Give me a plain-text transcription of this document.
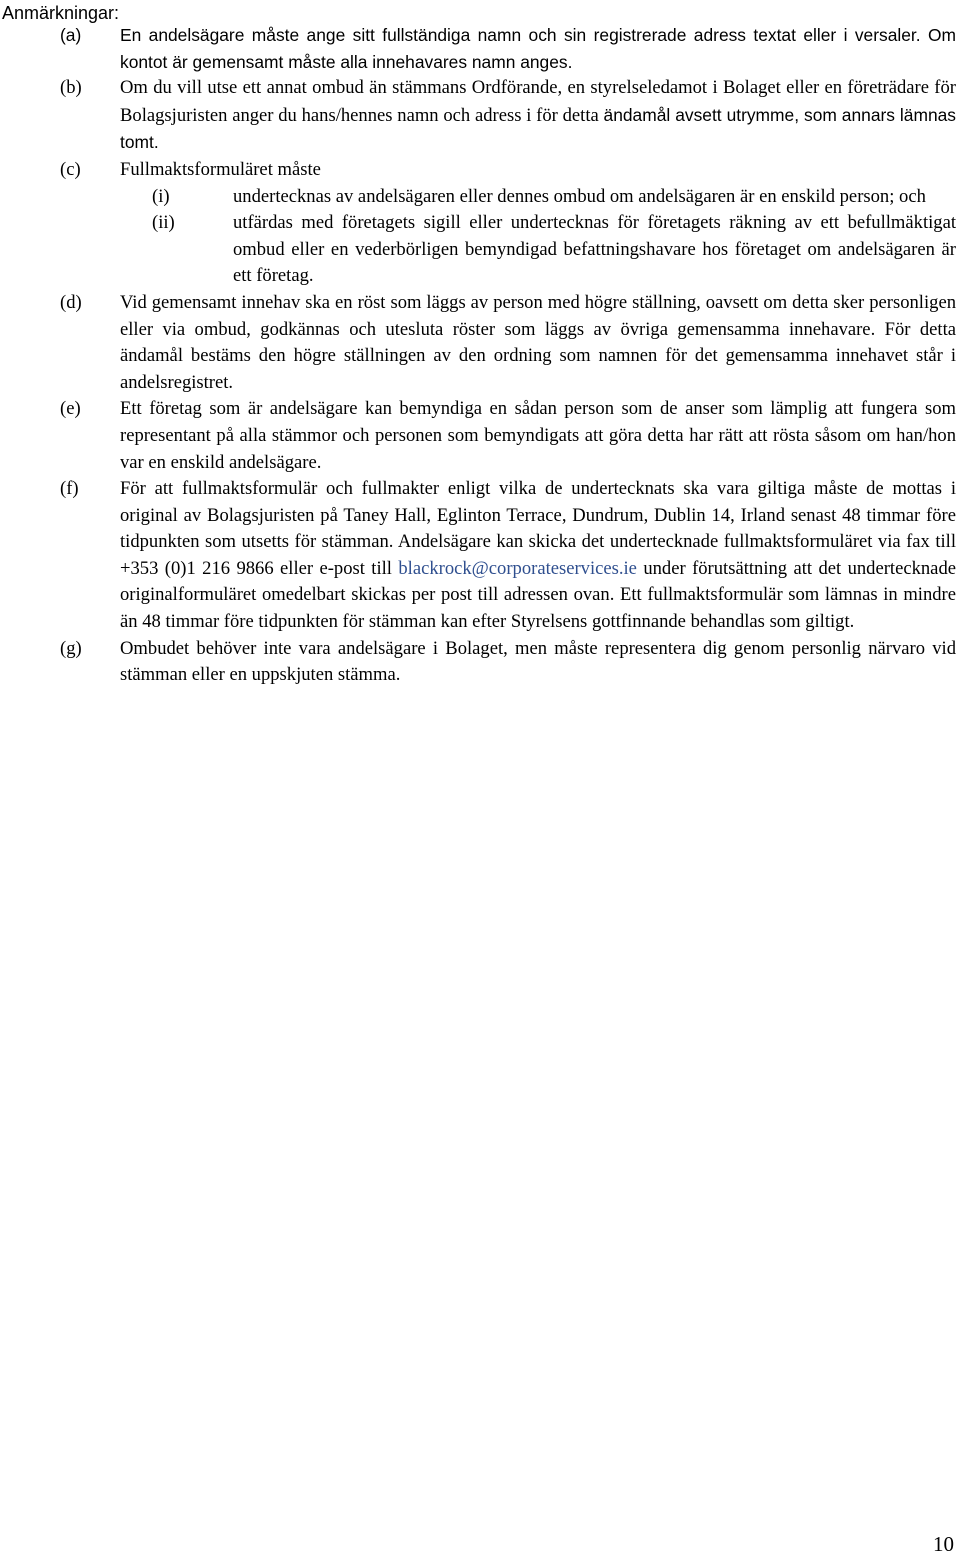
Anmärkningar:
(a) En andelsägare måste ange sitt fullständiga namn och sin registrerade adress textat eller i versaler. Om kontot är gemensamt måste alla innehavares namn anges.
(b) Om du vill utse ett annat ombud än stämmans Ordförande, en styrelseledamot i Bolaget eller en företrädare för Bolagsjuristen anger du hans/hennes namn och adress i för detta ändamål avsett utrymme, som annars lämnas tomt.
(c) Fullmaktsformuläret måste
(i)	undertecknas av andelsägaren eller dennes ombud om andelsägaren är en enskild person; och
(ii)	utfärdas med företagets sigill eller undertecknas för företagets räkning av ett befullmäktigat ombud eller en vederbörligen bemyndigad befattningshavare hos företaget om andelsägaren är ett företag.
(d) Vid gemensamt innehav ska en röst som läggs av person med högre ställning, oavsett om detta sker personligen eller via ombud, godkännas och utesluta röster som läggs av övriga gemensamma innehavare. För detta ändamål bestäms den högre ställningen av den ordning som namnen för det gemensamma innehavet står i andelsregistret.
(e) Ett företag som är andelsägare kan bemyndiga en sådan person som de anser som lämplig att fungera som representant på alla stämmor och personen som bemyndigats att göra detta har rätt att rösta såsom om han/hon var en enskild andelsägare.
(f) För att fullmaktsformulär och fullmakter enligt vilka de undertecknats ska vara giltiga måste de mottas i original av Bolagsjuristen på Taney Hall, Eglinton Terrace, Dundrum, Dublin 14, Irland senast 48 timmar före tidpunkten som utsetts för stämman. Andelsägare kan skicka det undertecknade fullmaktsformuläret via fax till +353 (0)1 216 9866 eller e-post till blackrock@corporateservices.ie under förutsättning att det undertecknade originalformuläret omedelbart skickas per post till adressen ovan. Ett fullmaktsformulär som lämnas in mindre än 48 timmar före tidpunkten för stämman kan efter Styrelsens gottfinnande behandlas som giltigt.
(g) Ombudet behöver inte vara andelsägare i Bolaget, men måste representera dig genom personlig närvaro vid stämman eller en uppskjuten stämma.
10
